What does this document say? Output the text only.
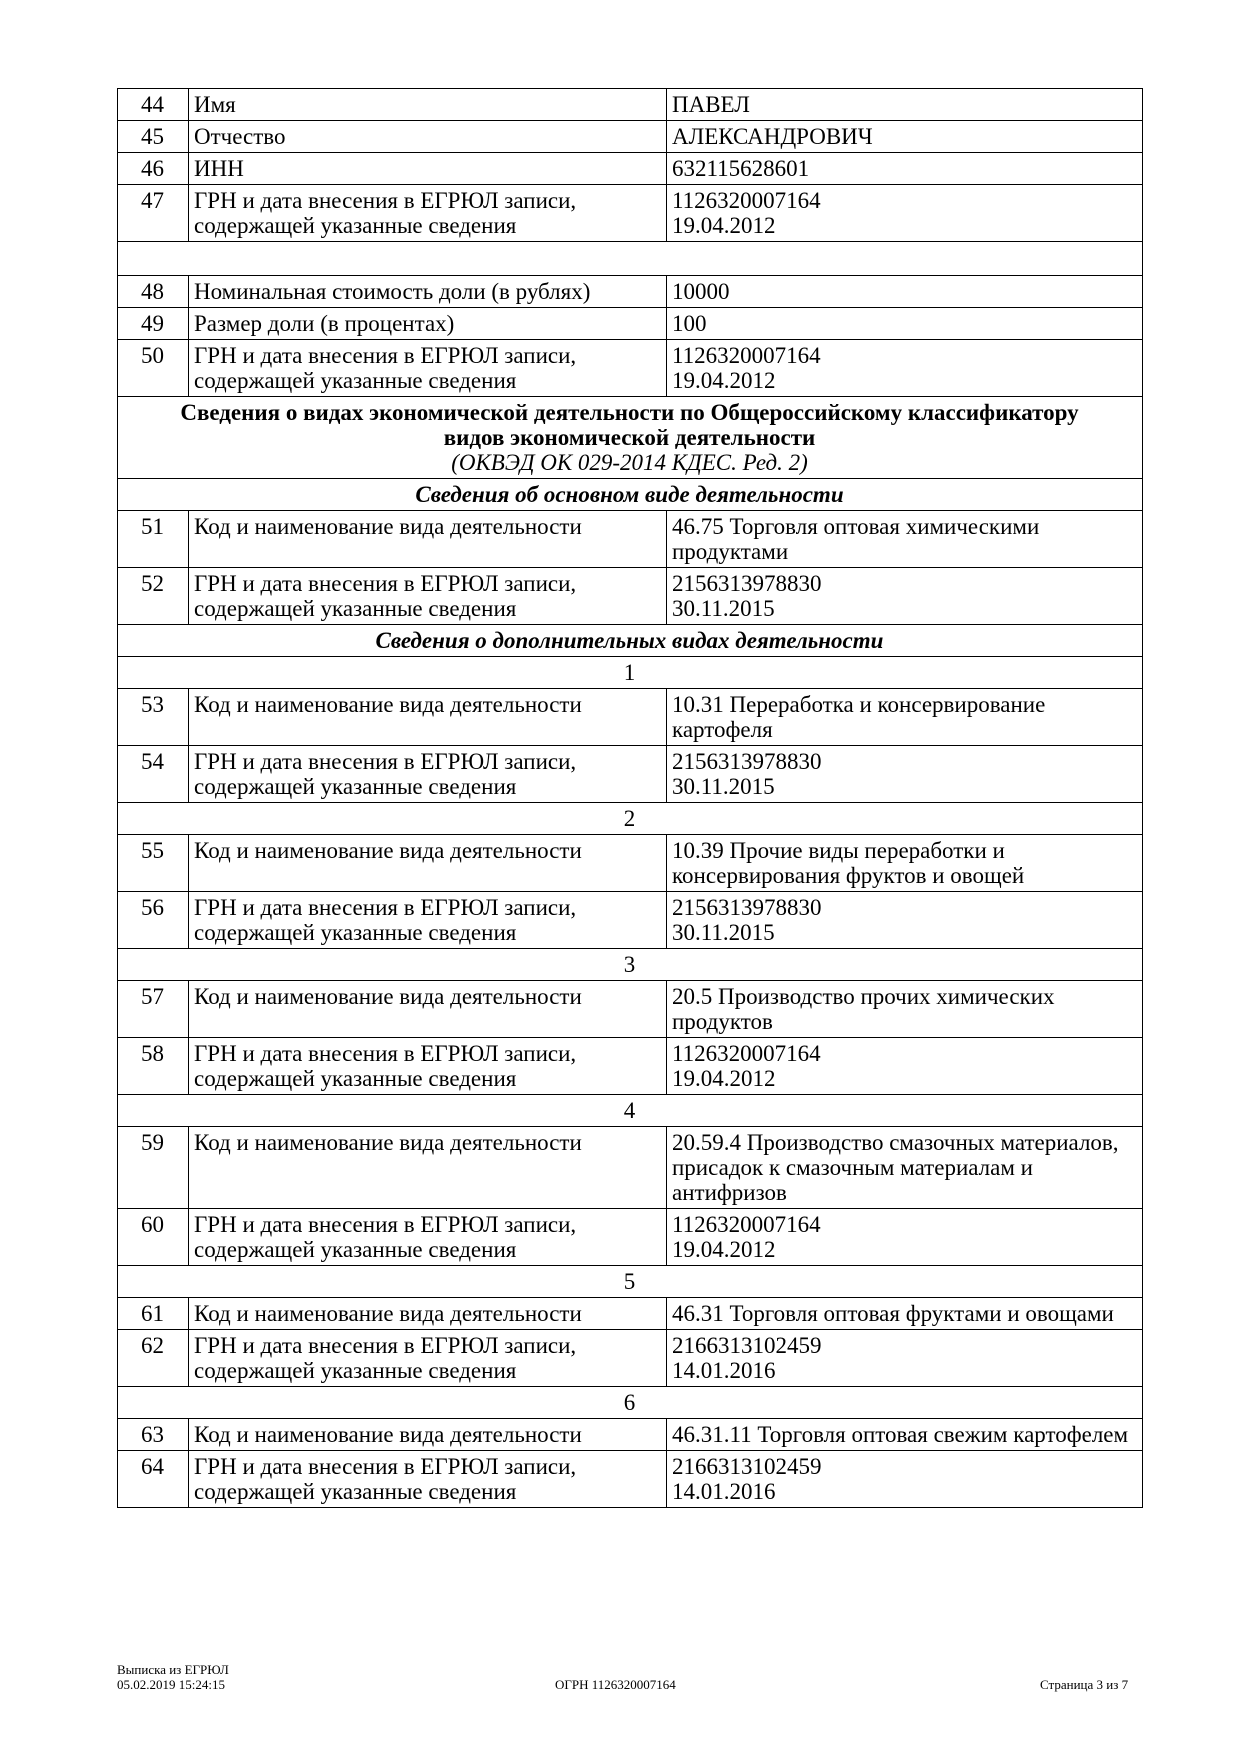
44	Имя	ПАВЕЛ

45	Отчество	АЛЕКСАНДРОВИЧ

46	ИНН	632115628601

47	ГРН и дата внесения в ЕГРЮЛ записи, содержащей указанные сведения	1126320007164
19.04.2012

48	Номинальная стоимость доли (в рублях)	10000

49	Размер доли (в процентах)	100

50	ГРН и дата внесения в ЕГРЮЛ записи, содержащей указанные сведения	1126320007164
19.04.2012

Сведения о видах экономической деятельности по Общероссийскому классификатору
видов экономической деятельности
(ОКВЭД ОК 029-2014 КДЕС. Ред. 2)		

Сведения об основном виде деятельности		
51	Код и наименование вида деятельности	46.75 Торговля оптовая химическими продуктами

52	ГРН и дата внесения в ЕГРЮЛ записи, содержащей указанные сведения	2156313978830
30.11.2015

Сведения о дополнительных видах деятельности		
1		
53	Код и наименование вида деятельности	10.31 Переработка и консервирование картофеля

54	ГРН и дата внесения в ЕГРЮЛ записи, содержащей указанные сведения	2156313978830
30.11.2015

2		
55	Код и наименование вида деятельности	10.39 Прочие виды переработки и консервирования фруктов и овощей

56	ГРН и дата внесения в ЕГРЮЛ записи, содержащей указанные сведения	2156313978830
30.11.2015

3		
57	Код и наименование вида деятельности	20.5 Производство прочих химических продуктов

58	ГРН и дата внесения в ЕГРЮЛ записи, содержащей указанные сведения	1126320007164
19.04.2012

4		
59	Код и наименование вида деятельности	20.59.4 Производство смазочных материалов, присадок к смазочным материалам и антифризов

60	ГРН и дата внесения в ЕГРЮЛ записи, содержащей указанные сведения	1126320007164
19.04.2012

5		
61	Код и наименование вида деятельности	46.31 Торговля оптовая фруктами и овощами

62	ГРН и дата внесения в ЕГРЮЛ записи, содержащей указанные сведения	2166313102459
14.01.2016

6		
63	Код и наименование вида деятельности	46.31.11 Торговля оптовая свежим картофелем

64	ГРН и дата внесения в ЕГРЮЛ записи, содержащей указанные сведения	2166313102459
14.01.2016
Выписка из ЕГРЮЛ
05.02.2019 15:24:15	ОГРН 1126320007164	Страница 3 из 7
